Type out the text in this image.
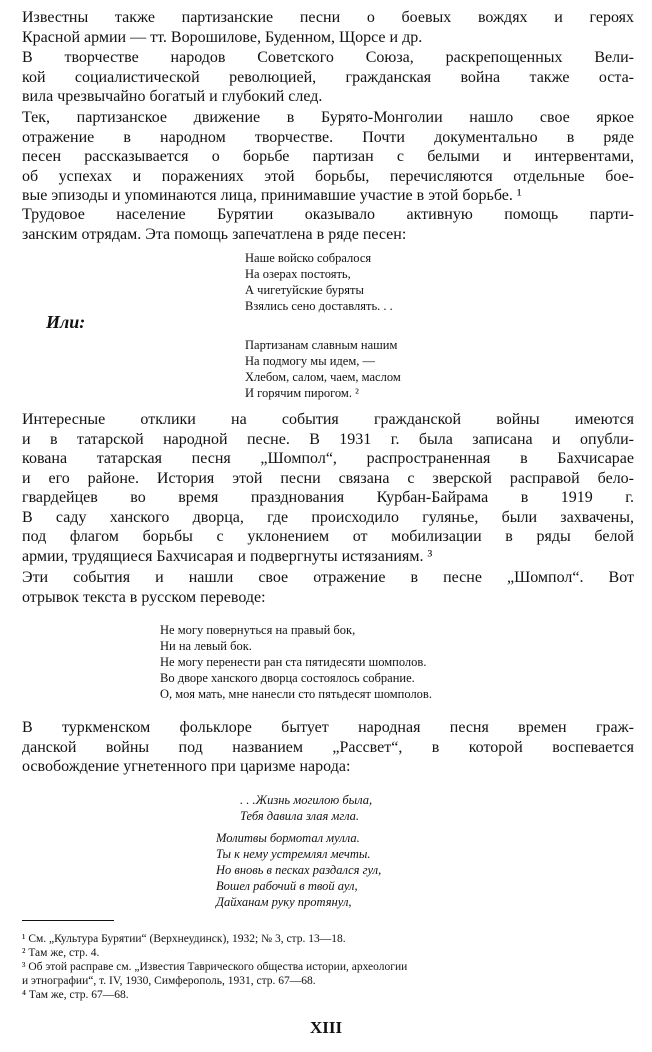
Известны также партизанские песни о боевых вождях и героях
Красной армии — тт. Ворошилове, Буденном, Щорсе и др.

В творчестве народов Советского Союза, раскрепощенных Вели-
кой социалистической революцией, гражданская война также оста-
вила чрезвычайно богатый и глубокий след.

Тек, партизанское движение в Бурято-Монголии нашло свое яркое
отражение в народном творчестве. Почти документально в ряде
песен рассказывается о борьбе партизан с белыми и интервентами,
об успехах и поражениях этой борьбы, перечисляются отдельные бое-
вые эпизоды и упоминаются лица, принимавшие участие в этой борьбе. ¹

Трудовое население Бурятии оказывало активную помощь парти-
занским отрядам. Эта помощь запечатлена в ряде песен:

Наше войско собралося
На озерах постоять,
А чигетуйские буряты
Взялись сено доставлять. . .
Или:
Партизанам славным нашим
На подмогу мы идем, —
Хлебом, салом, чаем, маслом
И горячим пирогом. ²

Интересные отклики на события гражданской войны имеются
и в татарской народной песне. В 1931 г. была записана и опубли-
кована татарская песня „Шомпол“, распространенная в Бахчисарае
и его районе. История этой песни связана с зверской расправой бело-
гвардейцев во время празднования Курбан-Байрама в 1919 г.
В саду ханского дворца, где происходило гулянье, были захвачены,
под флагом борьбы с уклонением от мобилизации в ряды белой
армии, трудящиеся Бахчисарая и подвергнуты истязаниям. ³

Эти события и нашли свое отражение в песне „Шомпол“. Вот
отрывок текста в русском переводе:

Не могу повернуться на правый бок,
Ни на левый бок.
Не могу перенести ран ста пятидесяти шомполов.
Во дворе ханского дворца состоялось собрание.
О, моя мать, мне нанесли сто пятьдесят шомполов.

В туркменском фольклоре бытует народная песня времен граж-
данской войны под названием „Рассвет“, в которой воспевается
освобождение угнетенного при царизме народа:

. . .Жизнь могилою была,
Тебя давила злая мгла.
Молитвы бормотал мулла.
Ты к нему устремлял мечты.
Но вновь в песках раздался гул,
Вошел рабочий в твой аул,
Дайханам руку протянул,
¹ См. „Культура Бурятии“ (Верхнеудинск), 1932; № 3, стр. 13—18.
² Там же, стр. 4.
³ Об этой расправе см. „Известия Таврического общества истории, археологии
и этнографии“, т. IV, 1930, Симферополь, 1931, стр. 67—68.
⁴ Там же, стр. 67—68.
XIII
